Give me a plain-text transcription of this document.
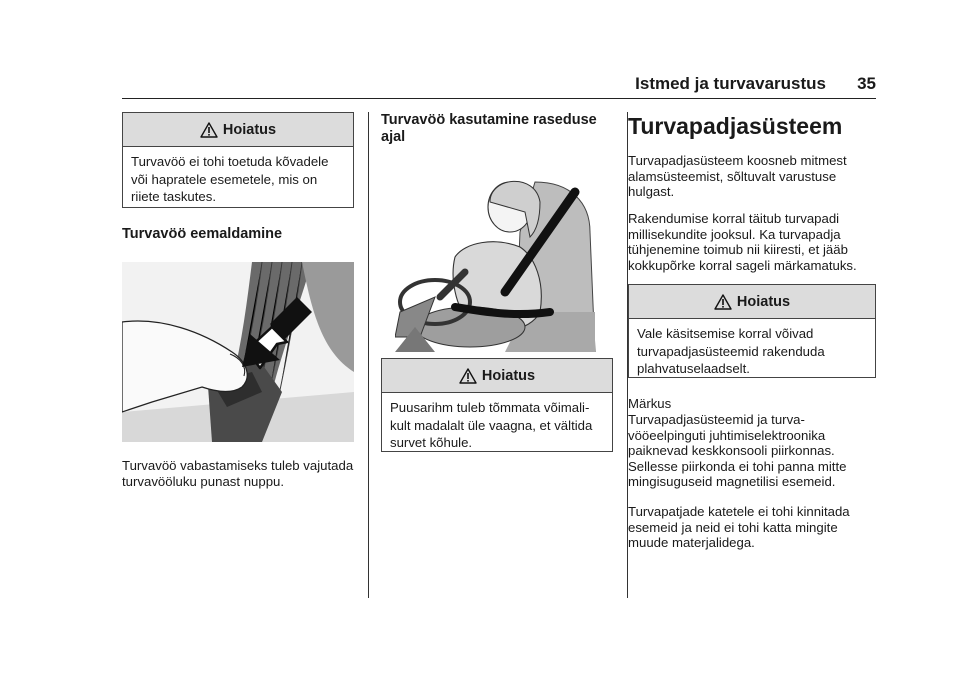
Istmed ja turvavarustus 35
Hoiatus
Turvavöö ei tohi toetuda kõvadele või hapratele esemetele, mis on riiete taskutes.
Turvavöö eemaldamine

Turvavöö vabastamiseks tuleb vajutada turvavööluku punast nuppu.

Turvavöö kasutamine raseduse ajal
Hoiatus
Puusarihm tuleb tõmmata võimalikult madalalt üle vaagna, et vältida survet kõhule.
Turvapadjasüsteem

Turvapadjasüsteem koosneb mitmest alamsüsteemist, sõltuvalt varustuse hulgast.

Rakendumise korral täitub turvapadi millisekundite jooksul. Ka turvapadja tühjenemine toimub nii kiiresti, et jääb kokkupõrke korral sageli märkamatuks.

Hoiatus
Vale käsitsemise korral võivad turvapadjasüsteemid rakenduda plahvatuselaadselt.

Märkus

Turvapadjasüsteemid ja turvavööeelpinguti juhtimiselektroonika paiknevad keskkonsooli piirkonnas. Sellesse piirkonda ei tohi panna mitte mingisuguseid magnetilisi esemeid.

Turvapatjade katetele ei tohi kinnitada esemeid ja neid ei tohi katta mingite muude materjalidega.
